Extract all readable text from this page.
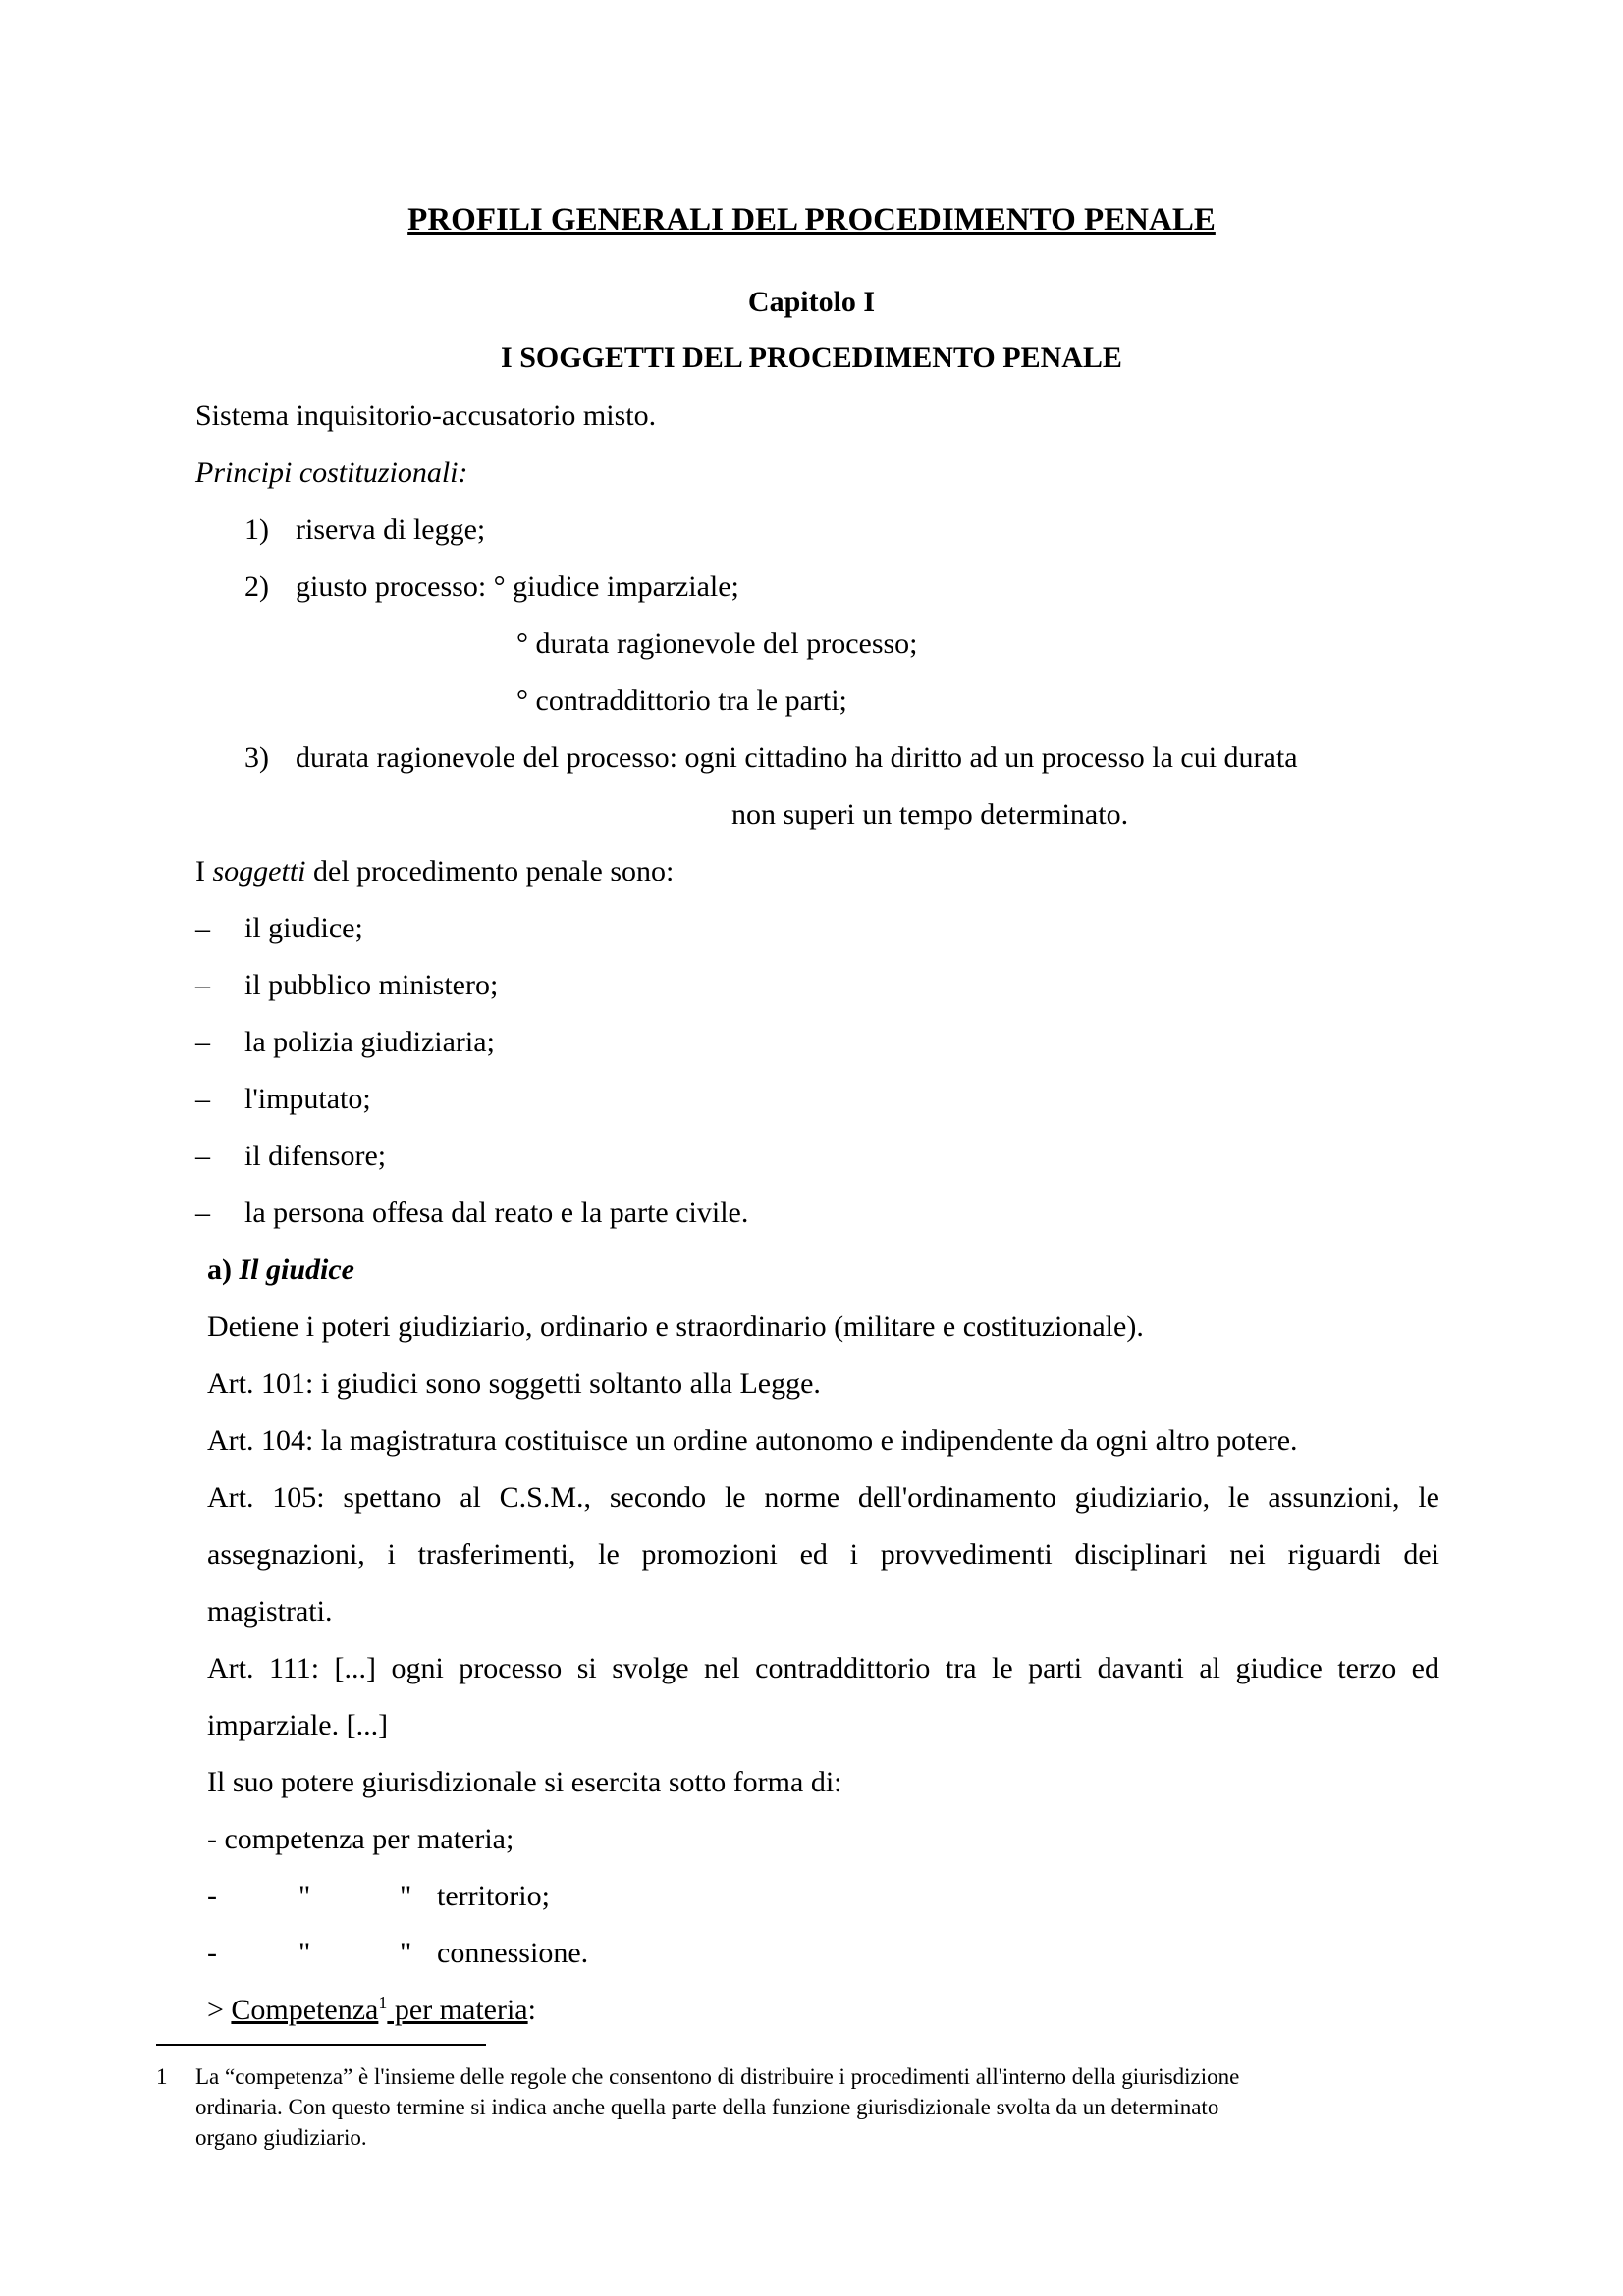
PROFILI GENERALI DEL PROCEDIMENTO PENALE
Capitolo I
I SOGGETTI DEL PROCEDIMENTO PENALE
Sistema inquisitorio-accusatorio misto.
Principi costituzionali:
1) riserva di legge;
2) giusto processo: ° giudice imparziale;
° durata ragionevole del processo;
° contraddittorio tra le parti;
3) durata ragionevole del processo: ogni cittadino ha diritto ad un processo la cui durata
non superi un tempo determinato.
I soggetti del procedimento penale sono:
– il giudice;
– il pubblico ministero;
– la polizia giudiziaria;
– l'imputato;
– il difensore;
– la persona offesa dal reato e la parte civile.
a) Il giudice
Detiene i poteri giudiziario, ordinario e straordinario (militare e costituzionale).
Art. 101: i giudici sono soggetti soltanto alla Legge.
Art. 104: la magistratura costituisce un ordine autonomo e indipendente da ogni altro potere.
Art. 105: spettano al C.S.M., secondo le norme dell'ordinamento giudiziario, le assunzioni, le
assegnazioni, i trasferimenti, le promozioni ed i provvedimenti disciplinari nei riguardi dei
magistrati.
Art. 111: [...] ogni processo si svolge nel contraddittorio tra le parti davanti al giudice terzo ed
imparziale. [...]
Il suo potere giurisdizionale si esercita sotto forma di:
- competenza per materia;
-	"	" territorio;
-	"	" connessione.
> Competenza$^1$ per materia:
1 La “competenza” è l'insieme delle regole che consentono di distribuire i procedimenti all'interno della giurisdizione
ordinaria. Con questo termine si indica anche quella parte della funzione giurisdizionale svolta da un determinato
organo giudiziario.
